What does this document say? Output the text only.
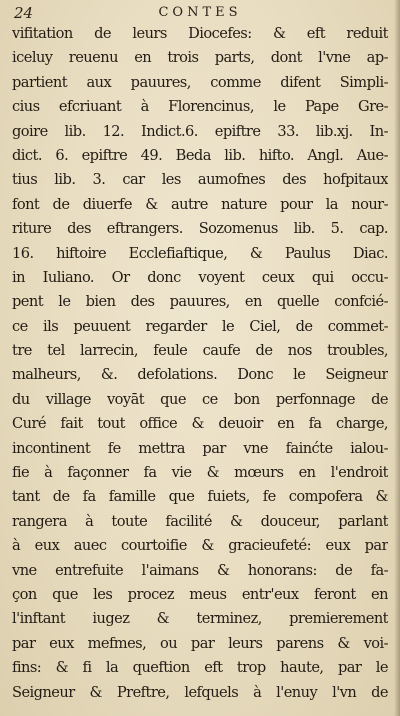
24	CONTES
vifitation de leurs Diocefes: & eft reduit
iceluy reuenu en trois parts, dont l'vne ap-
partient aux pauures, comme difent Simpli-
cius efcriuant à Florencinus, le Pape Gre-
goire lib. 12. Indict.6. epiftre 33. lib.xj. In-
dict. 6. epiftre 49. Beda lib. hifto. Angl. Aue-
tius lib. 3. car les aumofnes des hofpitaux
font de diuerfe & autre nature pour la nour-
riture des eftrangers. Sozomenus lib. 5. cap.
16. hiftoire Ecclefiaftique, & Paulus Diac.
in Iuliano. Or donc voyent ceux qui occu-
pent le bien des pauures, en quelle confcié-
ce ils peuuent regarder le Ciel, de commet-
tre tel larrecin, feule caufe de nos troubles,
malheurs, &. defolations. Donc le Seigneur
du village voyāt que ce bon perfonnage de
Curé fait tout office & deuoir en fa charge,
incontinent fe mettra par vne fainćte ialou-
fie à façonner fa vie & mœurs en l'endroit
tant de fa famille que fuiets, fe compofera &
rangera à toute facilité & douceur, parlant
à eux auec courtoifie & gracieufeté: eux par
vne entrefuite l'aimans & honorans: de fa-
çon que les procez meus entr'eux feront en
l'inftant iugez & terminez, premierement
par eux mefmes, ou par leurs parens & voi-
fins: & fi la queftion eft trop haute, par le
Seigneur & Preftre, lefquels à l'enuy l'vn de
